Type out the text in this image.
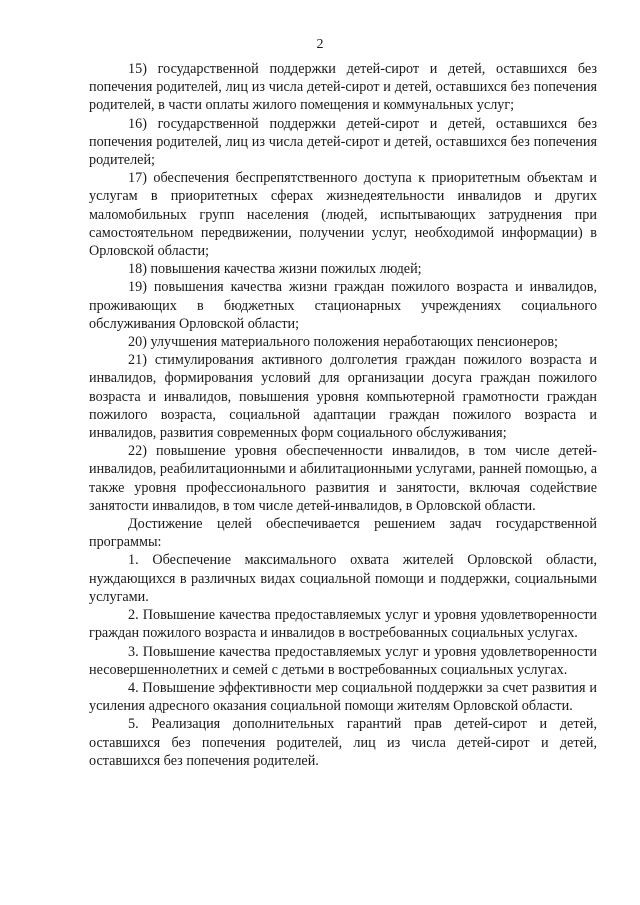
2

15) государственной поддержки детей-сирот и детей, оставшихся без попечения родителей, лиц из числа детей-сирот и детей, оставшихся без попечения родителей, в части оплаты жилого помещения и коммунальных услуг;

16) государственной поддержки детей-сирот и детей, оставшихся без попечения родителей, лиц из числа детей-сирот и детей, оставшихся без попечения родителей;

17) обеспечения беспрепятственного доступа к приоритетным объектам и услугам в приоритетных сферах жизнедеятельности инвалидов и других маломобильных групп населения (людей, испытывающих затруднения при самостоятельном передвижении, получении услуг, необходимой информации) в Орловской области;

18) повышения качества жизни пожилых людей;

19) повышения качества жизни граждан пожилого возраста и инвалидов, проживающих в бюджетных стационарных учреждениях социального обслуживания Орловской области;

20) улучшения материального положения неработающих пенсионеров;

21) стимулирования активного долголетия граждан пожилого возраста и инвалидов, формирования условий для организации досуга граждан пожилого возраста и инвалидов, повышения уровня компьютерной грамотности граждан пожилого возраста, социальной адаптации граждан пожилого возраста и инвалидов, развития современных форм социального обслуживания;

22) повышение уровня обеспеченности инвалидов, в том числе детей-инвалидов, реабилитационными и абилитационными услугами, ранней помощью, а также уровня профессионального развития и занятости, включая содействие занятости инвалидов, в том числе детей-инвалидов, в Орловской области.

Достижение целей обеспечивается решением задач государственной программы:

1. Обеспечение максимального охвата жителей Орловской области, нуждающихся в различных видах социальной помощи и поддержки, социальными услугами.

2. Повышение качества предоставляемых услуг и уровня удовлетворенности граждан пожилого возраста и инвалидов в востребованных социальных услугах.

3. Повышение качества предоставляемых услуг и уровня удовлетворенности несовершеннолетних и семей с детьми в востребованных социальных услугах.

4. Повышение эффективности мер социальной поддержки за счет развития и усиления адресного оказания социальной помощи жителям Орловской области.

5. Реализация дополнительных гарантий прав детей-сирот и детей, оставшихся без попечения родителей, лиц из числа детей-сирот и детей, оставшихся без попечения родителей.
